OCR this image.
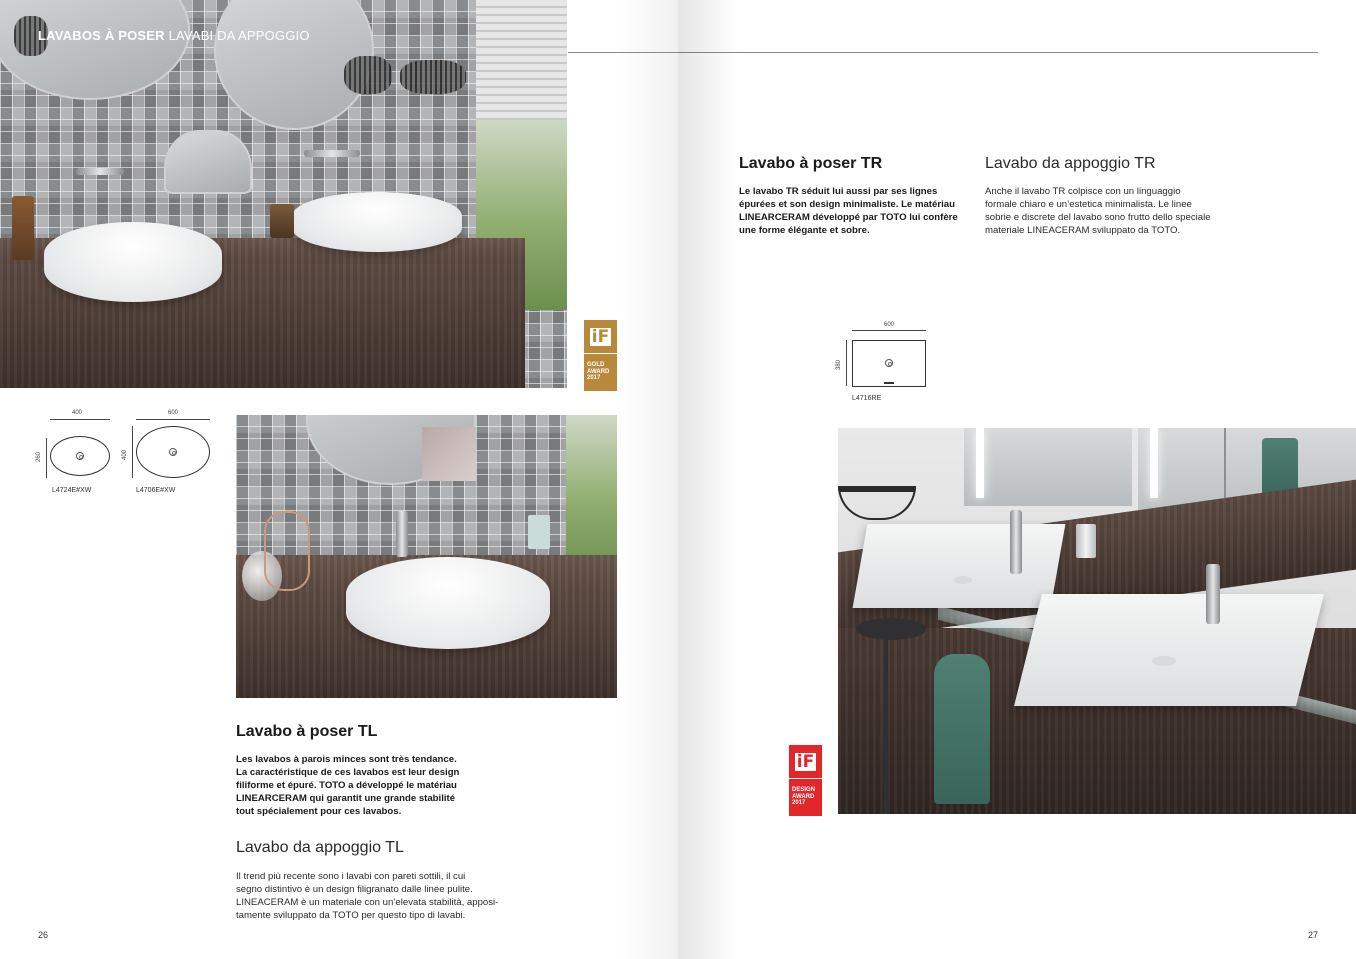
LAVABOS À POSER LAVABI DA APPOGGIO
iF
GOLD
AWARD
2017
400
260
L4724E#XW
600
400
L4706E#XW
Lavabo à poser TL
Les lavabos à parois minces sont très tendance.
La caractéristique de ces lavabos est leur design
filiforme et épuré. TOTO a développé le matériau
LINEARCERAM qui garantit une grande stabilité
tout spécialement pour ces lavabos.
Lavabo da appoggio TL
Il trend più recente sono i lavabi con pareti sottili, il cui
segno distintivo è un design filigranato dalle linee pulite.
LINEACERAM è un materiale con un’elevata stabilità, apposi-
tamente sviluppato da TOTO per questo tipo di lavabi.
26
Lavabo à poser TR
Le lavabo TR séduit lui aussi par ses lignes
épurées et son design minimaliste. Le matériau
LINEARCERAM développé par TOTO lui confère
une forme élégante et sobre.
Lavabo da appoggio TR
Anche il lavabo TR colpisce con un linguaggio
formale chiaro e un’estetica minimalista. Le linee
sobrie e discrete del lavabo sono frutto dello speciale
materiale LINEACERAM sviluppato da TOTO.
600
380
L4716RE
iF
DESIGN
AWARD
2017
27
